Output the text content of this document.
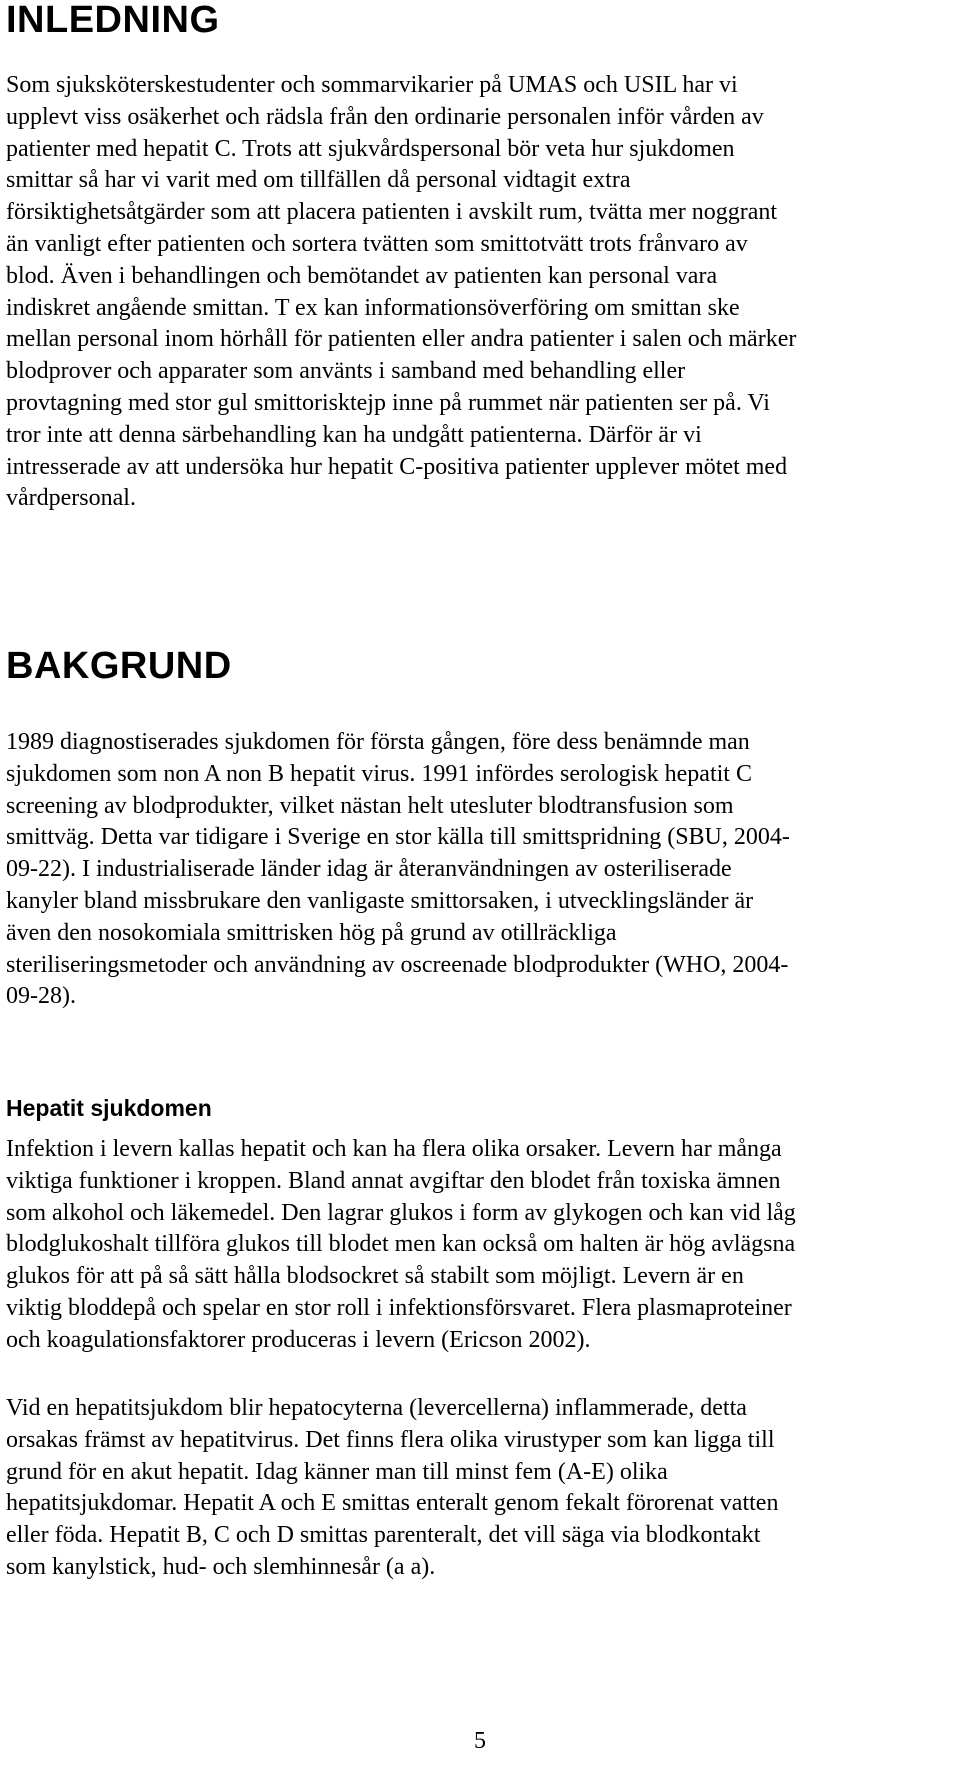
INLEDNING

Som sjuksköterskestudenter och sommarvikarier på UMAS och USIL har vi
upplevt viss osäkerhet och rädsla från den ordinarie personalen inför vården av
patienter med hepatit C. Trots att sjukvårdspersonal bör veta hur sjukdomen
smittar så har vi varit med om tillfällen då personal vidtagit extra
försiktighetsåtgärder som att placera patienten i avskilt rum, tvätta mer noggrant
än vanligt efter patienten och sortera tvätten som smittotvätt trots frånvaro av
blod. Även i behandlingen och bemötandet av patienten kan personal vara
indiskret angående smittan. T ex kan informationsöverföring om smittan ske
mellan personal inom hörhåll för patienten eller andra patienter i salen och märker
blodprover och apparater som använts i samband med behandling eller
provtagning med stor gul smittorisktejp inne på rummet när patienten ser på. Vi
tror inte att denna särbehandling kan ha undgått patienterna. Därför är vi
intresserade av att undersöka hur hepatit C-positiva patienter upplever mötet med
vårdpersonal.

BAKGRUND

1989 diagnostiserades sjukdomen för första gången, före dess benämnde man
sjukdomen som non A non B hepatit virus. 1991 infördes serologisk hepatit C
screening av blodprodukter, vilket nästan helt utesluter blodtransfusion som
smittväg. Detta var tidigare i Sverige en stor källa till smittspridning (SBU, 2004-
09-22). I industrialiserade länder idag är återanvändningen av osteriliserade
kanyler bland missbrukare den vanligaste smittorsaken, i utvecklingsländer är
även den nosokomiala smittrisken hög på grund av otillräckliga
steriliseringsmetoder och användning av oscreenade blodprodukter (WHO, 2004-
09-28).

Hepatit sjukdomen

Infektion i levern kallas hepatit och kan ha flera olika orsaker. Levern har många
viktiga funktioner i kroppen. Bland annat avgiftar den blodet från toxiska ämnen
som alkohol och läkemedel. Den lagrar glukos i form av glykogen och kan vid låg
blodglukoshalt tillföra glukos till blodet men kan också om halten är hög avlägsna
glukos för att på så sätt hålla blodsockret så stabilt som möjligt. Levern är en
viktig bloddepå och spelar en stor roll i infektionsförsvaret. Flera plasmaproteiner
och koagulationsfaktorer produceras i levern (Ericson 2002).

Vid en hepatitsjukdom blir hepatocyterna (levercellerna) inflammerade, detta
orsakas främst av hepatitvirus. Det finns flera olika virustyper som kan ligga till
grund för en akut hepatit. Idag känner man till minst fem (A-E) olika
hepatitsjukdomar. Hepatit A och E smittas enteralt genom fekalt förorenat vatten
eller föda. Hepatit B, C och D smittas parenteralt, det vill säga via blodkontakt
som kanylstick, hud- och slemhinnesår (a a).

5
